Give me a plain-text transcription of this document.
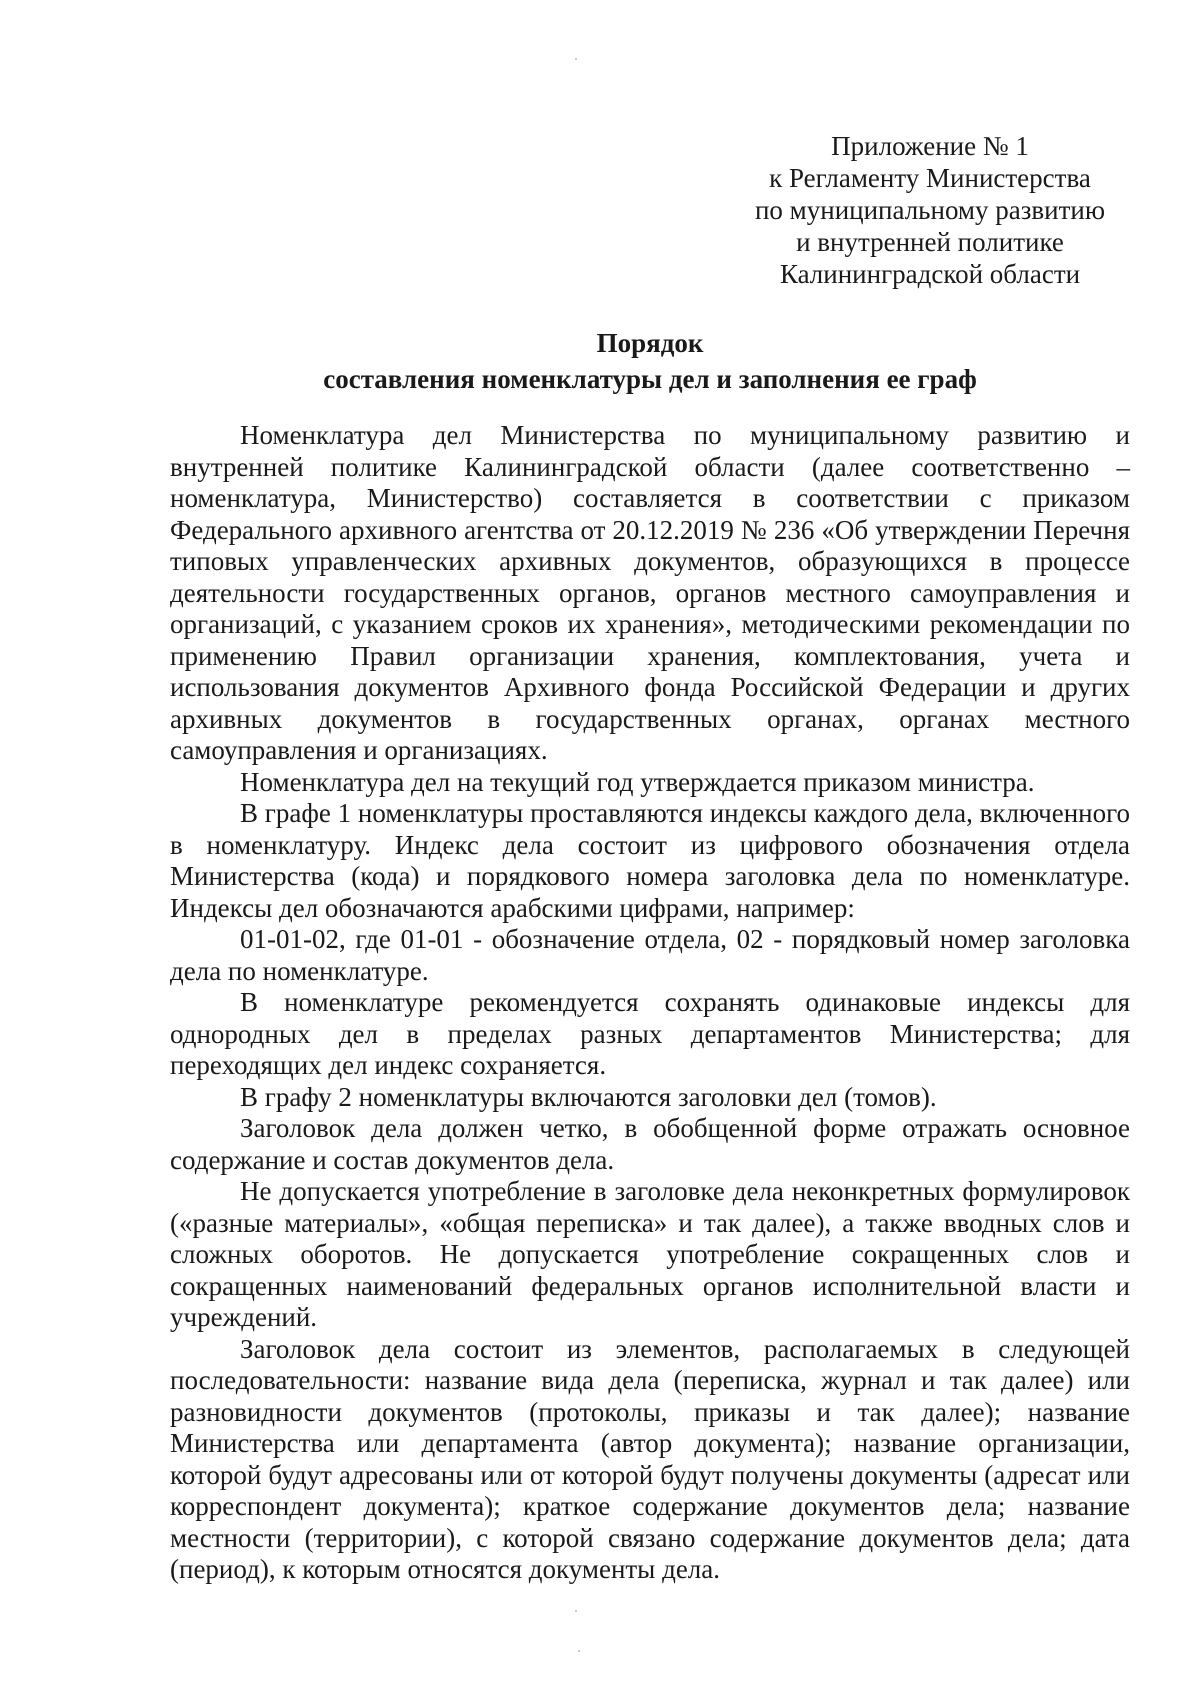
Приложение № 1
к Регламенту Министерства
по муниципальному развитию
и внутренней политике
Калининградской области
Порядок
составления номенклатуры дел и заполнения ее граф

Номенклатура дел Министерства по муниципальному развитию и внутренней политике Калининградской области (далее соответственно – номенклатура, Министерство) составляется в соответствии с приказом Федерального архивного агентства от 20.12.2019 № 236 «Об утверждении Перечня типовых управленческих архивных документов, образующихся в процессе деятельности государственных органов, органов местного самоуправления и организаций, с указанием сроков их хранения», методическими рекомендации по применению Правил организации хранения, комплектования, учета и использования документов Архивного фонда Российской Федерации и других архивных документов в государственных органах, органах местного самоуправления и организациях.

Номенклатура дел на текущий год утверждается приказом министра.

В графе 1 номенклатуры проставляются индексы каждого дела, включенного в номенклатуру. Индекс дела состоит из цифрового обозначения отдела Министерства (кода) и порядкового номера заголовка дела по номенклатуре. Индексы дел обозначаются арабскими цифрами, например:

01-01-02, где 01-01 - обозначение отдела, 02 - порядковый номер заголовка дела по номенклатуре.

В номенклатуре рекомендуется сохранять одинаковые индексы для однородных дел в пределах разных департаментов Министерства; для переходящих дел индекс сохраняется.

В графу 2 номенклатуры включаются заголовки дел (томов).

Заголовок дела должен четко, в обобщенной форме отражать основное содержание и состав документов дела.

Не допускается употребление в заголовке дела неконкретных формулировок («разные материалы», «общая переписка» и так далее), а также вводных слов и сложных оборотов. Не допускается употребление сокращенных слов и сокращенных наименований федеральных органов исполнительной власти и учреждений.

Заголовок дела состоит из элементов, располагаемых в следующей последовательности: название вида дела (переписка, журнал и так далее) или разновидности документов (протоколы, приказы и так далее); название Министерства или департамента (автор документа); название организации, которой будут адресованы или от которой будут получены документы (адресат или корреспондент документа); краткое содержание документов дела; название местности (территории), с которой связано содержание документов дела; дата (период), к которым относятся документы дела.
